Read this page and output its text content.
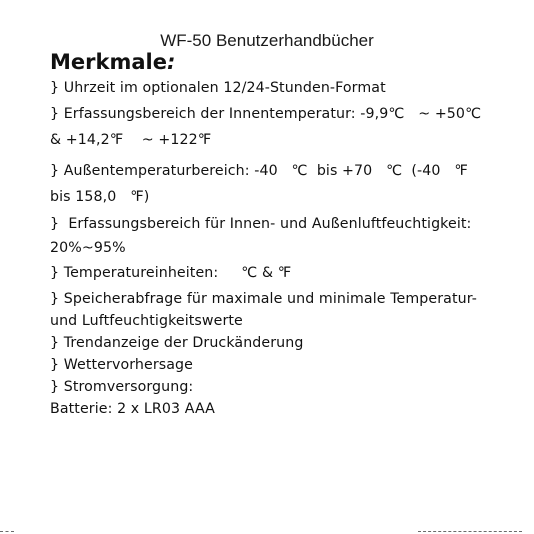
WF-50 Benutzerhandbücher
Merkmale:
} Uhrzeit im optionalen 12/24-Stunden-Format
} Erfassungsbereich der Innentemperatur: -9,9℃   ~ +50℃
& +14,2℉    ~ +122℉
} Außentemperaturbereich: -40   ℃  bis +70   ℃  (-40   ℉
bis 158,0   ℉)
}  Erfassungsbereich für Innen- und Außenluftfeuchtigkeit:
20%~95%
} Temperatureinheiten:     ℃ & ℉
} Speicherabfrage für maximale und minimale Temperatur-
und Luftfeuchtigkeitswerte
} Trendanzeige der Druckänderung
} Wettervorhersage
} Stromversorgung:
Batterie: 2 x LR03 AAA
